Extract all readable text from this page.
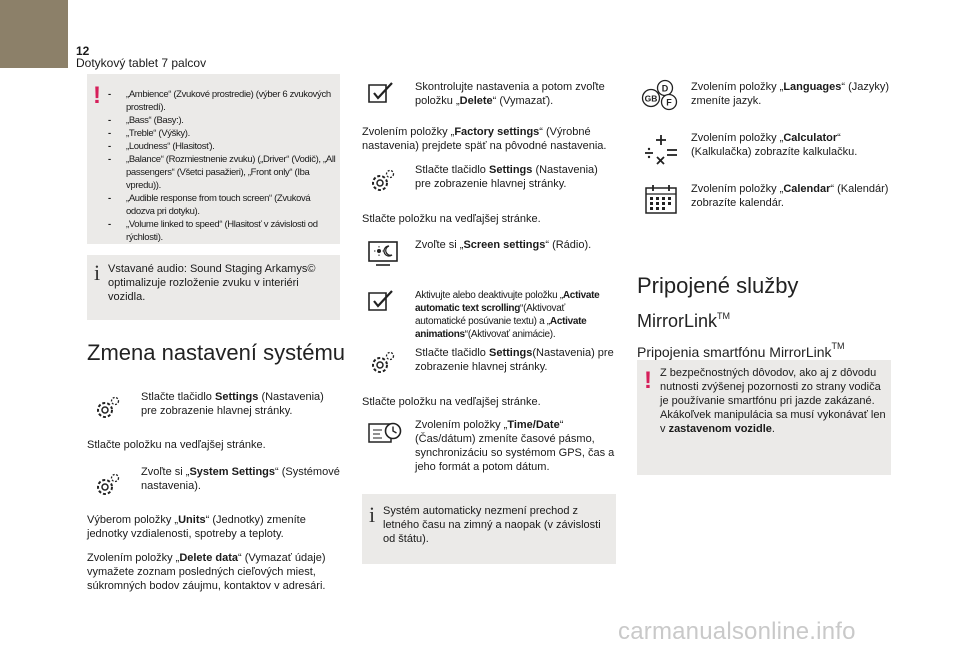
12
Dotykový tablet 7 palcov
! - „Ambience“ (Zvukové prostredie) (výber 6 zvukových prostredí).
- „Bass“ (Basy:).
- „Treble“ (Výšky).
- „Loudness“ (Hlasitosť).
- „Balance“ (Rozmiestnenie zvuku) („Driver“ (Vodič), „All passengers“ (Všetci pasažieri), „Front only“ (Iba vpredu)).
- „Audible response from touch screen“ (Zvuková odozva pri dotyku).
- „Volume linked to speed“ (Hlasitosť v závislosti od rýchlosti).
i Vstavané audio: Sound Staging Arkamys© optimalizuje rozloženie zvuku v interiéri vozidla.
Zmena nastavení systému
Stlačte tlačidlo Settings (Nastavenia) pre zobrazenie hlavnej stránky.
Stlačte položku na vedľajšej stránke.
Zvoľte si „System Settings“ (Systémové nastavenia).
Výberom položky „Units“ (Jednotky) zmeníte jednotky vzdialenosti, spotreby a teploty.
Zvolením položky „Delete data“ (Vymazať údaje) vymažete zoznam posledných cieľových miest, súkromných bodov záujmu, kontaktov v adresári.
Skontrolujte nastavenia a potom zvoľte položku „Delete“ (Vymazať).
Zvolením položky „Factory settings“ (Výrobné nastavenia) prejdete späť na pôvodné nastavenia.
Stlačte tlačidlo Settings (Nastavenia) pre zobrazenie hlavnej stránky.
Stlačte položku na vedľajšej stránke.
Zvoľte si „Screen settings“ (Rádio).
Aktivujte alebo deaktivujte položku „Activate automatic text scrolling“(Aktivovať automatické posúvanie textu) a „Activate animations“(Aktivovať animácie).
Stlačte tlačidlo Settings(Nastavenia) pre zobrazenie hlavnej stránky.
Stlačte položku na vedľajšej stránke.
Zvolením položky „Time/Date“ (Čas/dátum) zmeníte časové pásmo, synchronizáciu so systémom GPS, čas a jeho formát a potom dátum.
i Systém automaticky nezmení prechod z letného času na zimný a naopak (v závislosti od štátu).
D
GB F
Zvolením položky „Languages“ (Jazyky) zmeníte jazyk.
Zvolením položky „Calculator“ (Kalkulačka) zobrazíte kalkulačku.
Zvolením položky „Calendar“ (Kalendár) zobrazíte kalendár.
Pripojené služby
MirrorLink™
Pripojenia smartfónu MirrorLink™
! Z bezpečnostných dôvodov, ako aj z dôvodu nutnosti zvýšenej pozornosti zo strany vodiča je používanie smartfónu pri jazde zakázané. Akákoľvek manipulácia sa musí vykonávať len v zastavenom vozidle.
carmanualsonline.info
